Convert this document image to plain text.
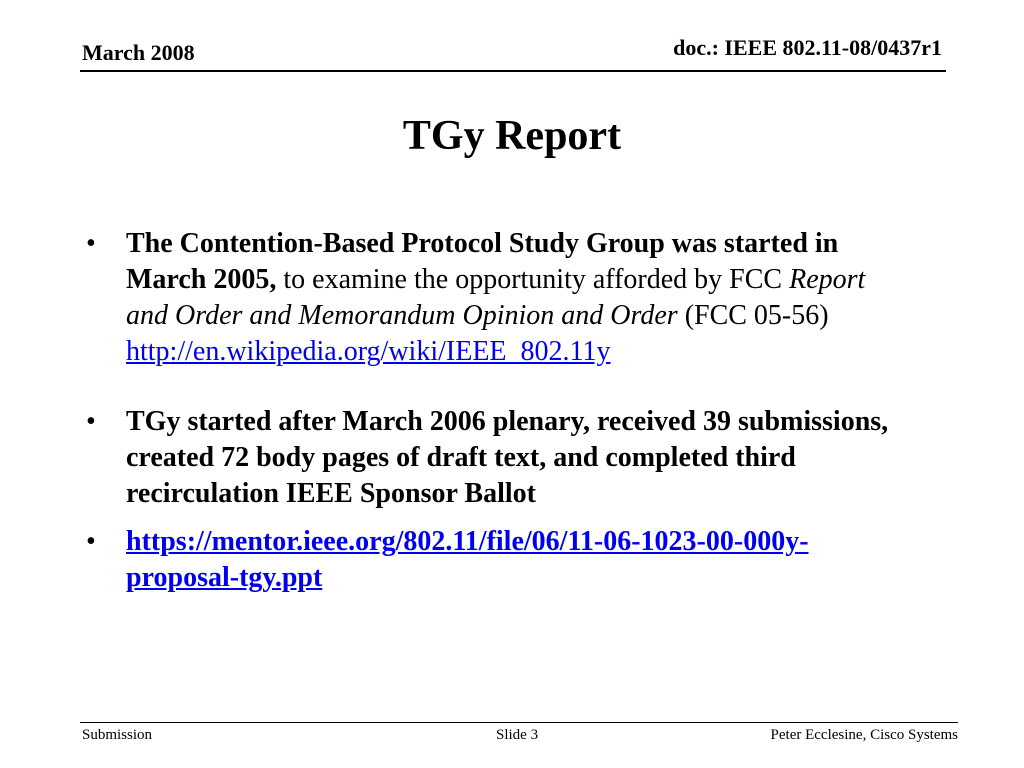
March 2008	doc.: IEEE 802.11-08/0437r1
TGy Report
• The Contention-Based Protocol Study Group was started in March 2005, to examine the opportunity afforded by FCC Report and Order and Memorandum Opinion and Order (FCC 05-56)
http://en.wikipedia.org/wiki/IEEE_802.11y
• TGy started after March 2006 plenary, received 39 submissions, created 72 body pages of draft text, and completed third recirculation IEEE Sponsor Ballot
• https://mentor.ieee.org/802.11/file/06/11-06-1023-00-000y-proposal-tgy.ppt
Submission	Slide 3	Peter Ecclesine, Cisco Systems
